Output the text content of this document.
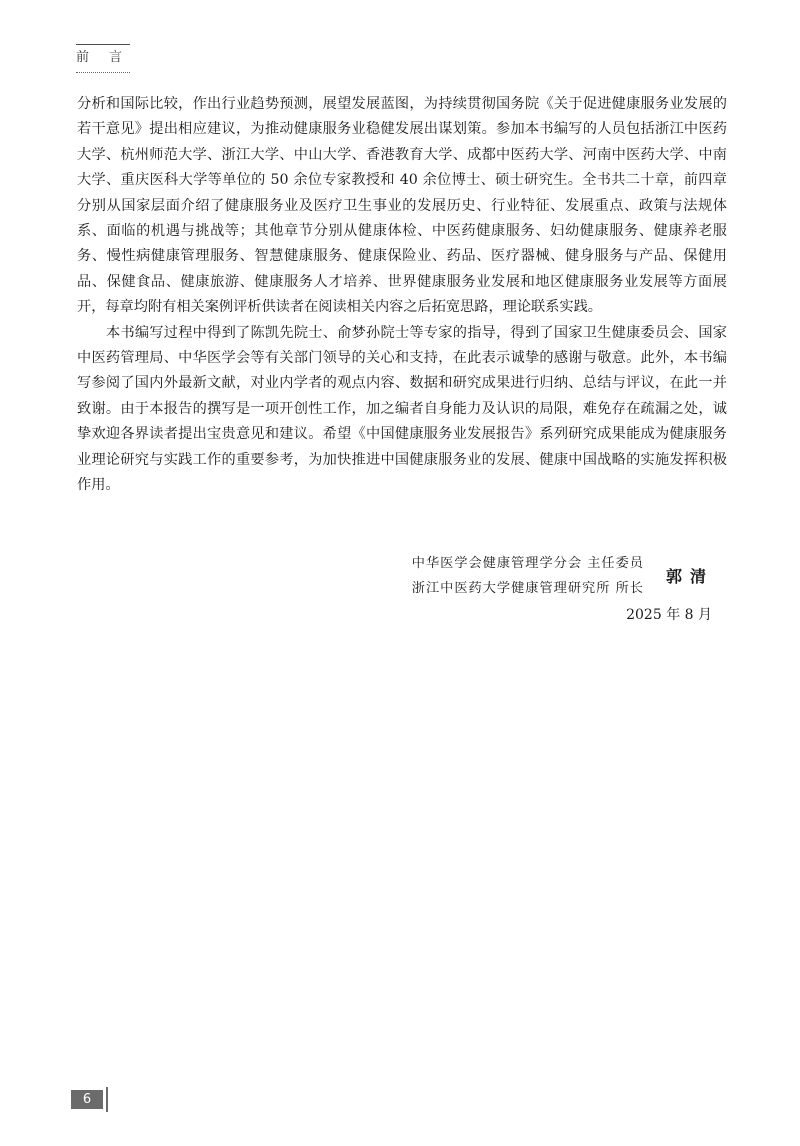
前言

分析和国际比较，作出行业趋势预测，展望发展蓝图，为持续贯彻国务院《关于促进健康服务业发展的若干意见》提出相应建议，为推动健康服务业稳健发展出谋划策。参加本书编写的人员包括浙江中医药大学、杭州师范大学、浙江大学、中山大学、香港教育大学、成都中医药大学、河南中医药大学、中南大学、重庆医科大学等单位的 50 余位专家教授和 40 余位博士、硕士研究生。全书共二十章，前四章分别从国家层面介绍了健康服务业及医疗卫生事业的发展历史、行业特征、发展重点、政策与法规体系、面临的机遇与挑战等；其他章节分别从健康体检、中医药健康服务、妇幼健康服务、健康养老服务、慢性病健康管理服务、智慧健康服务、健康保险业、药品、医疗器械、健身服务与产品、保健用品、保健食品、健康旅游、健康服务人才培养、世界健康服务业发展和地区健康服务业发展等方面展开，每章均附有相关案例评析供读者在阅读相关内容之后拓宽思路，理论联系实践。

本书编写过程中得到了陈凯先院士、俞梦孙院士等专家的指导，得到了国家卫生健康委员会、国家中医药管理局、中华医学会等有关部门领导的关心和支持，在此表示诚挚的感谢与敬意。此外，本书编写参阅了国内外最新文献，对业内学者的观点内容、数据和研究成果进行归纳、总结与评议，在此一并致谢。由于本报告的撰写是一项开创性工作，加之编者自身能力及认识的局限，难免存在疏漏之处，诚挚欢迎各界读者提出宝贵意见和建议。希望《中国健康服务业发展报告》系列研究成果能成为健康服务业理论研究与实践工作的重要参考，为加快推进中国健康服务业的发展、健康中国战略的实施发挥积极作用。

中华医学会健康管理学分会 主任委员
浙江中医药大学健康管理研究所 所长
郭清
2025 年 8 月
6
